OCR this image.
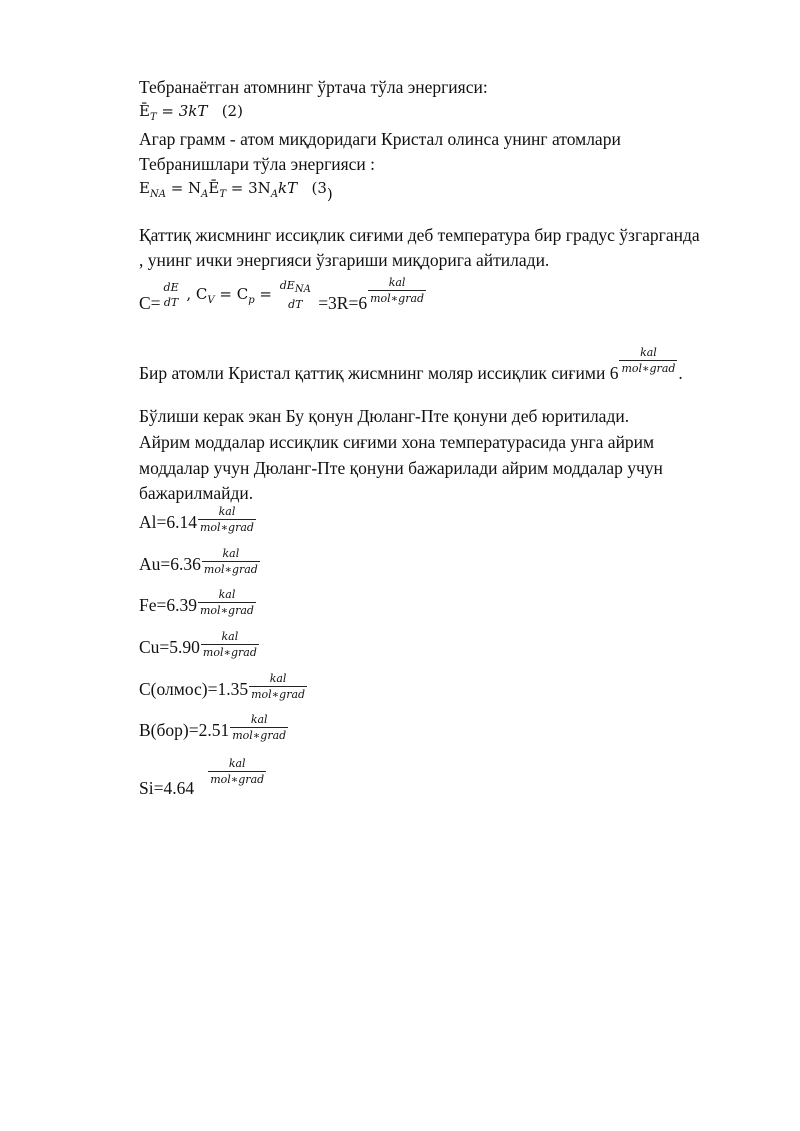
Тебранаётган атомнинг ўртача тўла энергияси:
$Ē_T = 3kT$ (2)
Агар грамм - атом миқдоридаги Кристал олинса унинг атомлари
Тебранишлари тўла энергияси :
$E_{NA}$ = $N_AĒ_T = 3N_AkT$ (3)
Қаттиқ жисмнинг иссиқлик сиғими деб температура бир градус ўзгарганда
, унинг ички энергияси ўзгариши миқдорига айтилади.
C=
dE
dT , $C_V = C_p = dE_{NA}$
dT $=3R=6 \frac{\text{kal}}{\text{mol∗grad}}$
Бир атомли Кристал қаттиқ жисмнинг моляр иссиқлик сиғими $6 \frac{\text{kal}}{\text{mol∗grad}}$ .
Бўлиши керак экан Бу қонун Дюланг-Пте қонуни деб юритилади.
Айрим моддалар иссиқлик сиғими хона температурасида унга айрим
моддалар учун Дюланг-Пте қонуни бажарилади айрим моддалар учун
бажарилмайди.
$Al=6.14 \frac{\text{kal}}{\text{mol∗grad}}$
$Au=6.36 \frac{\text{kal}}{\text{mol∗grad}}$
$Fe=6.39 \frac{\text{kal}}{\text{mol∗grad}}$
$Cu=5.90 \frac{\text{kal}}{\text{mol∗grad}}$
C(олмос)=1.35 $\frac{\text{kal}}{\text{mol∗grad}}$
$B(бор)=2.51 \frac{\text{kal}}{\text{mol∗grad}}$
Si=4.64
$\frac{\text{kal}}{\text{mol∗grad}}$
